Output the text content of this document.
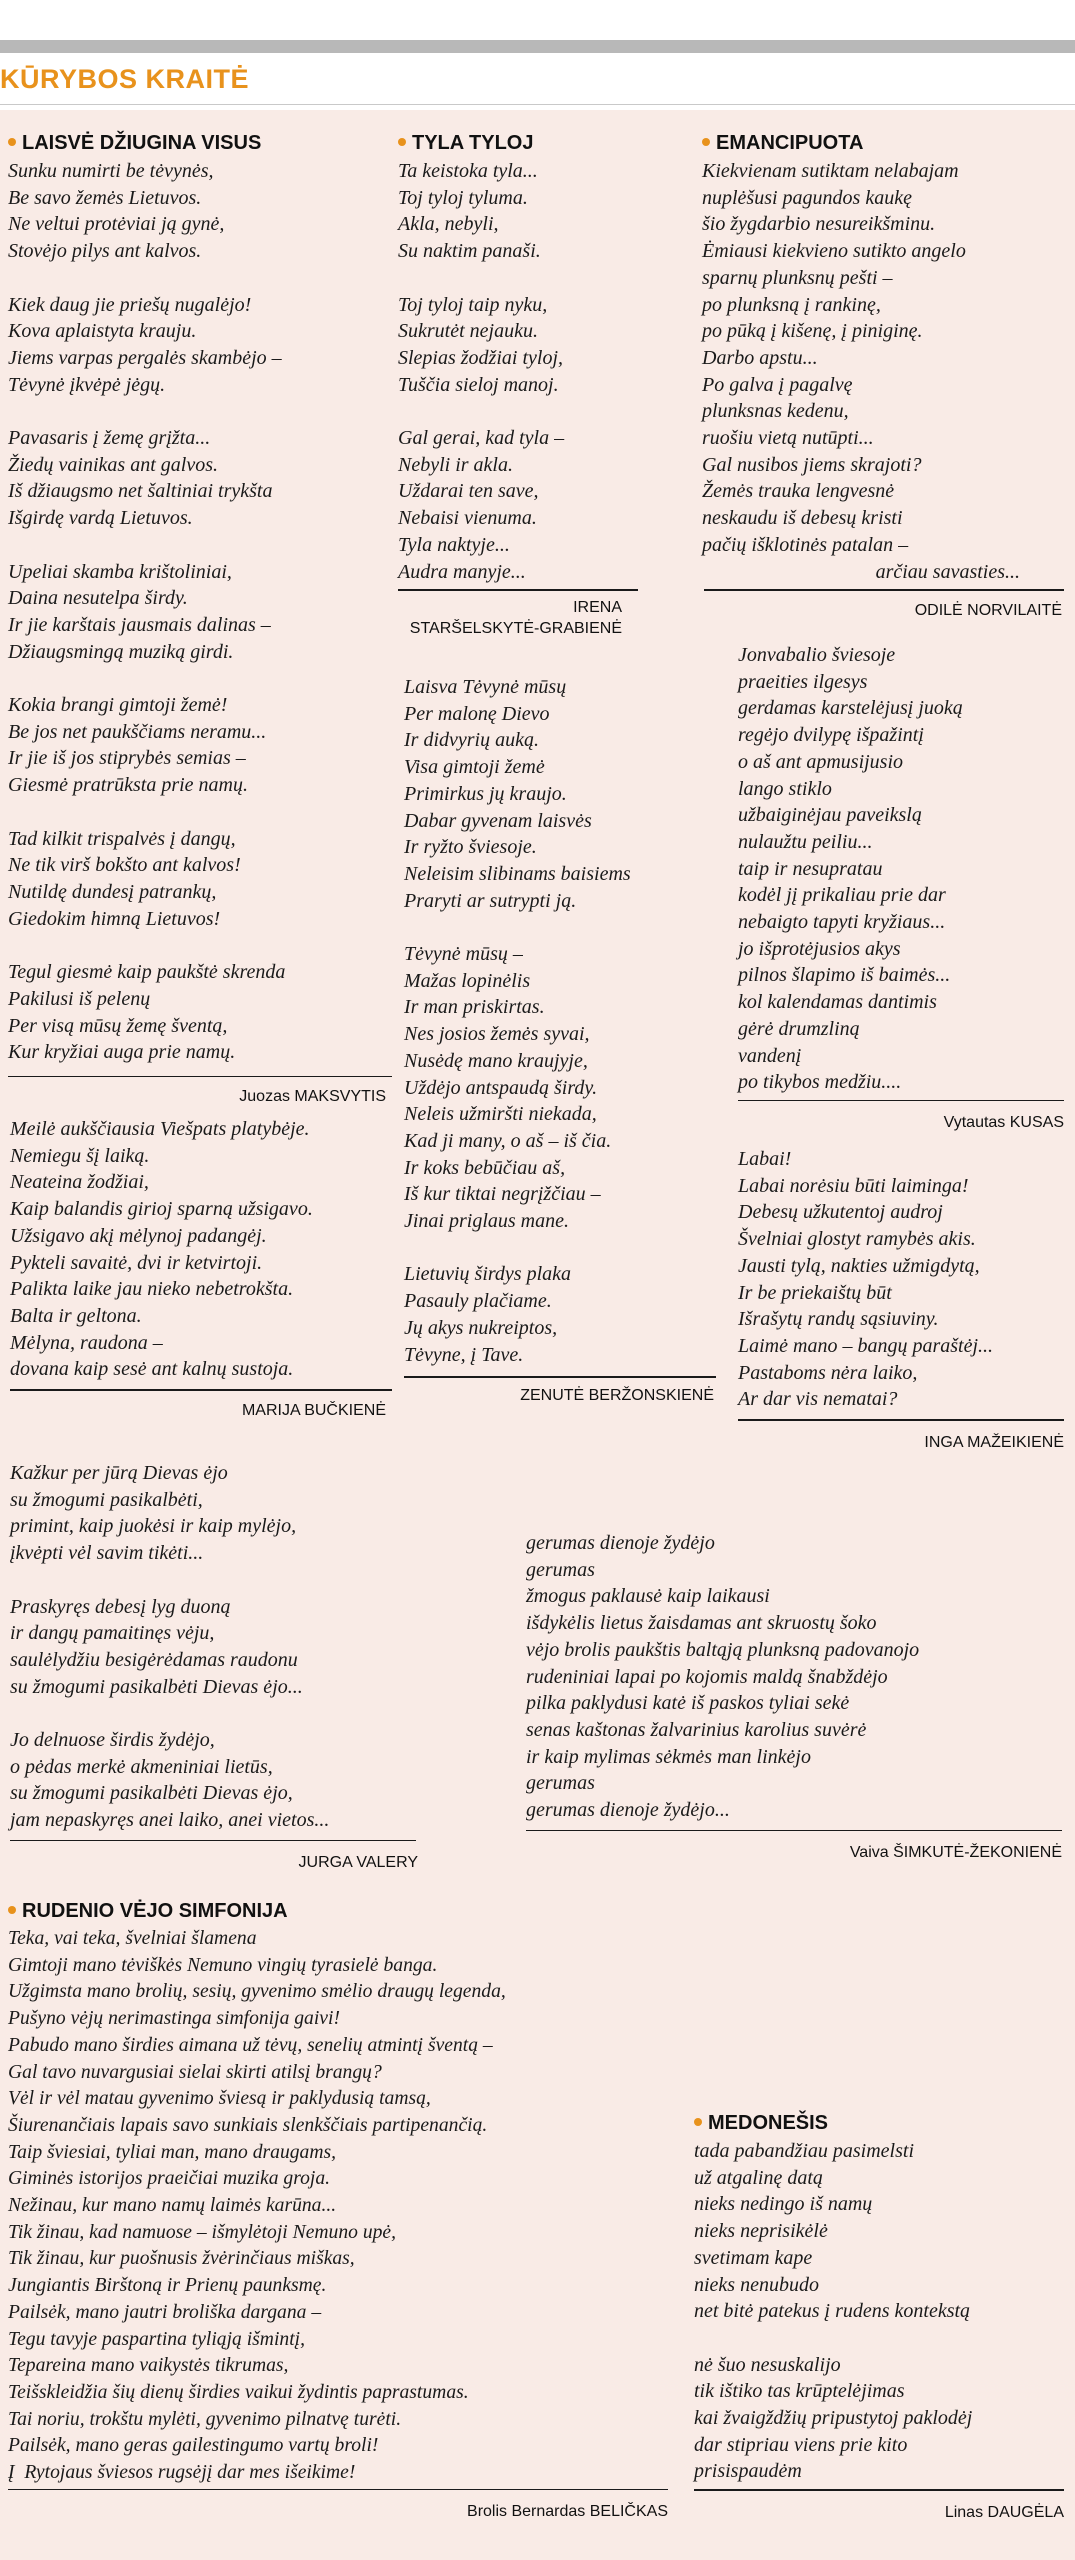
KŪRYBOS KRAITĖ
LAISVĖ DŽIUGINA VISUS

Sunku numirti be tėvynės,
Be savo žemės Lietuvos.
Ne veltui protėviai ją gynė,
Stovėjo pilys ant kalvos.

Kiek daug jie priešų nugalėjo!
Kova aplaistyta krauju.
Jiems varpas pergalės skambėjo –
Tėvynė įkvėpė jėgų.

Pavasaris į žemę grįžta...
Žiedų vainikas ant galvos.
Iš džiaugsmo net šaltiniai trykšta
Išgirdę vardą Lietuvos.

Upeliai skamba krištoliniai,
Daina nesutelpa širdy.
Ir jie karštais jausmais dalinas –
Džiaugsmingą muziką girdi.

Kokia brangi gimtoji žemė!
Be jos net paukščiams neramu...
Ir jie iš jos stiprybės semias –
Giesmė pratrūksta prie namų.

Tad kilkit trispalvės į dangų,
Ne tik virš bokšto ant kalvos!
Nutildę dundesį patrankų,
Giedokim himną Lietuvos!

Tegul giesmė kaip paukštė skrenda
Pakilusi iš pelenų
Per visą mūsų žemę šventą,
Kur kryžiai auga prie namų.

Juozas MAKSVYTIS

Meilė aukščiausia Viešpats platybėje.
Nemiegu šį laiką.
Neateina žodžiai,
Kaip balandis girioj sparną užsigavo.
Užsigavo akį mėlynoj padangėj.
Pykteli savaitė, dvi ir ketvirtoji.
Palikta laike jau nieko nebetrokšta.
Balta ir geltona.
Mėlyna, raudona –
dovana kaip sesė ant kalnų sustoja.

MARIJA BUČKIENĖ

TYLA TYLOJ

Ta keistoka tyla...
Toj tyloj tyluma.
Akla, nebyli,
Su naktim panaši.

Toj tyloj taip nyku,
Sukrutėt nejauku.
Slepias žodžiai tyloj,
Tuščia sieloj manoj.

Gal gerai, kad tyla –
Nebyli ir akla.
Uždarai ten save,
Nebaisi vienuma.
Tyla naktyje...
Audra manyje...

IRENA
STARŠELSKYTĖ-GRABIENĖ

Laisva Tėvynė mūsų
Per malonę Dievo
Ir didvyrių auką.
Visa gimtoji žemė
Primirkus jų kraujo.
Dabar gyvenam laisvės
Ir ryžto šviesoje.
Neleisim slibinams baisiems
Praryti ar sutrypti ją.

Tėvynė mūsų –
Mažas lopinėlis
Ir man priskirtas.
Nes josios žemės syvai,
Nusėdę mano kraujyje,
Uždėjo antspaudą širdy.
Neleis užmiršti niekada,
Kad ji many, o aš – iš čia.
Ir koks bebūčiau aš,
Iš kur tiktai negrįžčiau –
Jinai priglaus mane.

Lietuvių širdys plaka
Pasauly plačiame.
Jų akys nukreiptos,
Tėvyne, į Tave.

ZENUTĖ BERŽONSKIENĖ

EMANCIPUOTA

Kiekvienam sutiktam nelabajam
nuplėšusi pagundos kaukę
šio žygdarbio nesureikšminu.
Ėmiausi kiekvieno sutikto angelo
sparnų plunksnų pešti –
po plunksną į rankinę,
po pūką į kišenę, į piniginę.
Darbo apstu...
Po galva į pagalvę
plunksnas kedenu,
ruošiu vietą nutūpti...
Gal nusibos jiems skrajoti?
Žemės trauka lengvesnė
neskaudu iš debesų kristi
pačių išklotinės patalan –

arčiau savasties...

ODILĖ NORVILAITĖ

Jonvabalio šviesoje
praeities ilgesys
gerdamas karstelėjusį juoką
regėjo dvilypę išpažintį
o aš ant apmusijusio
lango stiklo
užbaiginėjau paveikslą
nulaužtu peiliu...
taip ir nesupratau
kodėl jį prikaliau prie dar
nebaigto tapyti kryžiaus...
jo išprotėjusios akys
pilnos šlapimo iš baimės...
kol kalendamas dantimis
gėrė drumzliną
vandenį
po tikybos medžiu....

Vytautas KUSAS

Labai!
Labai norėsiu būti laiminga!
Debesų užkutentoj audroj
Švelniai glostyt ramybės akis.
Jausti tylą, nakties užmigdytą,
Ir be priekaištų būt
Išrašytų randų sąsiuviny.
Laimė mano – bangų paraštėj...
Pastaboms nėra laiko,
Ar dar vis nematai?

INGA MAŽEIKIENĖ

Kažkur per jūrą Dievas ėjo
su žmogumi pasikalbėti,
primint, kaip juokėsi ir kaip mylėjo,
įkvėpti vėl savim tikėti...

Praskyręs debesį lyg duoną
ir dangų pamaitinęs vėju,
saulėlydžiu besigėrėdamas raudonu
su žmogumi pasikalbėti Dievas ėjo...

Jo delnuose širdis žydėjo,
o pėdas merkė akmeniniai lietūs,
su žmogumi pasikalbėti Dievas ėjo,
jam nepaskyręs anei laiko, anei vietos...

JURGA VALERY

gerumas dienoje žydėjo
gerumas
žmogus paklausė kaip laikausi
išdykėlis lietus žaisdamas ant skruostų šoko
vėjo brolis paukštis baltąją plunksną padovanojo
rudeniniai lapai po kojomis maldą šnabždėjo
pilka paklydusi katė iš paskos tyliai sekė
senas kaštonas žalvarinius karolius suvėrė
ir kaip mylimas sėkmės man linkėjo
gerumas
gerumas dienoje žydėjo...

Vaiva ŠIMKUTĖ-ŽEKONIENĖ

RUDENIO VĖJO SIMFONIJA

Teka, vai teka, švelniai šlamena
Gimtoji mano tėviškės Nemuno vingių tyrasielė banga.
Užgimsta mano brolių, sesių, gyvenimo smėlio draugų legenda,
Pušyno vėjų nerimastinga simfonija gaivi!
Pabudo mano širdies aimana už tėvų, senelių atmintį šventą –
Gal tavo nuvargusiai sielai skirti atilsį brangų?
Vėl ir vėl matau gyvenimo šviesą ir paklydusią tamsą,
Šiurenančiais lapais savo sunkiais slenkščiais partipenančią.
Taip šviesiai, tyliai man, mano draugams,
Giminės istorijos praeičiai muzika groja.
Nežinau, kur mano namų laimės karūna...
Tik žinau, kad namuose – išmylėtoji Nemuno upė,
Tik žinau, kur puošnusis žvėrinčiaus miškas,
Jungiantis Birštoną ir Prienų paunksmę.
Pailsėk, mano jautri broliška dargana –
Tegu tavyje paspartina tyliąją išmintį,
Tepareina mano vaikystės tikrumas,
Teišskleidžia šių dienų širdies vaikui žydintis paprastumas.
Tai noriu, trokštu mylėti, gyvenimo pilnatvę turėti.
Pailsėk, mano geras gailestingumo vartų broli!
Į  Rytojaus šviesos rugsėjį dar mes išeikime!

Brolis Bernardas BELIČKAS

MEDONEŠIS

tada pabandžiau pasimelsti
už atgalinę datą
nieks nedingo iš namų
nieks neprisikėlė
svetimam kape
nieks nenubudo
net bitė patekus į rudens kontekstą

nė šuo nesuskalijo
tik ištiko tas krūptelėjimas
kai žvaigždžių pripustytoj paklodėj
dar stipriau viens prie kito
prisispaudėm

Linas DAUGĖLA
